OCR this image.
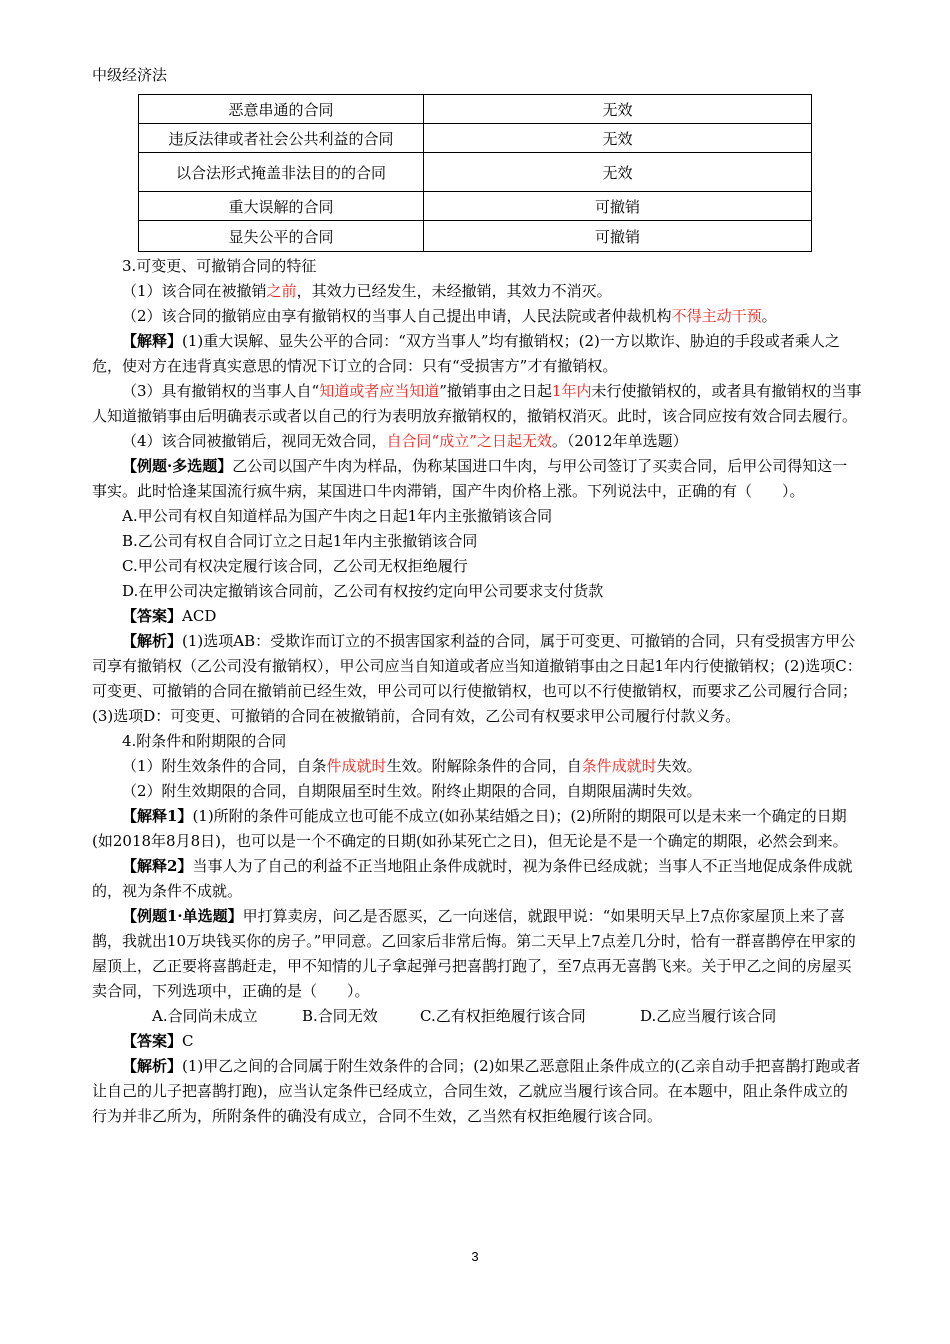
中级经济法
恶意串通的合同	无效
违反法律或者社会公共利益的合同	无效
以合法形式掩盖非法目的的合同	无效
重大误解的合同	可撤销
显失公平的合同	可撤销

3.可变更、可撤销合同的特征

（1）该合同在被撤销之前，其效力已经发生，未经撤销，其效力不消灭。

（2）该合同的撤销应由享有撤销权的当事人自己提出申请，人民法院或者仲裁机构不得主动干预。

【解释】(1)重大误解、显失公平的合同：“双方当事人”均有撤销权；(2)一方以欺诈、胁迫的手段或者乘人之危，使对方在违背真实意思的情况下订立的合同：只有“受损害方”才有撤销权。

（3）具有撤销权的当事人自“知道或者应当知道”撤销事由之日起1年内未行使撤销权的，或者具有撤销权的当事人知道撤销事由后明确表示或者以自己的行为表明放弃撤销权的，撤销权消灭。此时，该合同应按有效合同去履行。

（4）该合同被撤销后，视同无效合同，自合同“成立”之日起无效。（2012年单选题）

【例题·多选题】乙公司以国产牛肉为样品，伪称某国进口牛肉，与甲公司签订了买卖合同，后甲公司得知这一事实。此时恰逢某国流行疯牛病，某国进口牛肉滞销，国产牛肉价格上涨。下列说法中，正确的有（　　）。

A.甲公司有权自知道样品为国产牛肉之日起1年内主张撤销该合同

B.乙公司有权自合同订立之日起1年内主张撤销该合同

C.甲公司有权决定履行该合同，乙公司无权拒绝履行

D.在甲公司决定撤销该合同前，乙公司有权按约定向甲公司要求支付货款

【答案】ACD

【解析】(1)选项AB：受欺诈而订立的不损害国家利益的合同，属于可变更、可撤销的合同，只有受损害方甲公司享有撤销权（乙公司没有撤销权），甲公司应当自知道或者应当知道撤销事由之日起1年内行使撤销权；(2)选项C：可变更、可撤销的合同在撤销前已经生效，甲公司可以行使撤销权，也可以不行使撤销权，而要求乙公司履行合同；(3)选项D：可变更、可撤销的合同在被撤销前，合同有效，乙公司有权要求甲公司履行付款义务。

4.附条件和附期限的合同

（1）附生效条件的合同，自条件成就时生效。附解除条件的合同，自条件成就时失效。

（2）附生效期限的合同，自期限届至时生效。附终止期限的合同，自期限届满时失效。

【解释1】(1)所附的条件可能成立也可能不成立(如孙某结婚之日)；(2)所附的期限可以是未来一个确定的日期(如2018年8月8日)，也可以是一个不确定的日期(如孙某死亡之日)，但无论是不是一个确定的期限，必然会到来。

【解释2】当事人为了自己的利益不正当地阻止条件成就时，视为条件已经成就；当事人不正当地促成条件成就的，视为条件不成就。

【例题1·单选题】甲打算卖房，问乙是否愿买，乙一向迷信，就跟甲说：“如果明天早上7点你家屋顶上来了喜鹊，我就出10万块钱买你的房子。”甲同意。乙回家后非常后悔。第二天早上7点差几分时，恰有一群喜鹊停在甲家的屋顶上，乙正要将喜鹊赶走，甲不知情的儿子拿起弹弓把喜鹊打跑了，至7点再无喜鹊飞来。关于甲乙之间的房屋买卖合同，下列选项中，正确的是（　　）。

A.合同尚未成立	B.合同无效	C.乙有权拒绝履行该合同	D.乙应当履行该合同

【答案】C

【解析】(1)甲乙之间的合同属于附生效条件的合同；(2)如果乙恶意阻止条件成立的(乙亲自动手把喜鹊打跑或者让自己的儿子把喜鹊打跑)，应当认定条件已经成立，合同生效，乙就应当履行该合同。在本题中，阻止条件成立的行为并非乙所为，所附条件的确没有成立，合同不生效，乙当然有权拒绝履行该合同。

3
